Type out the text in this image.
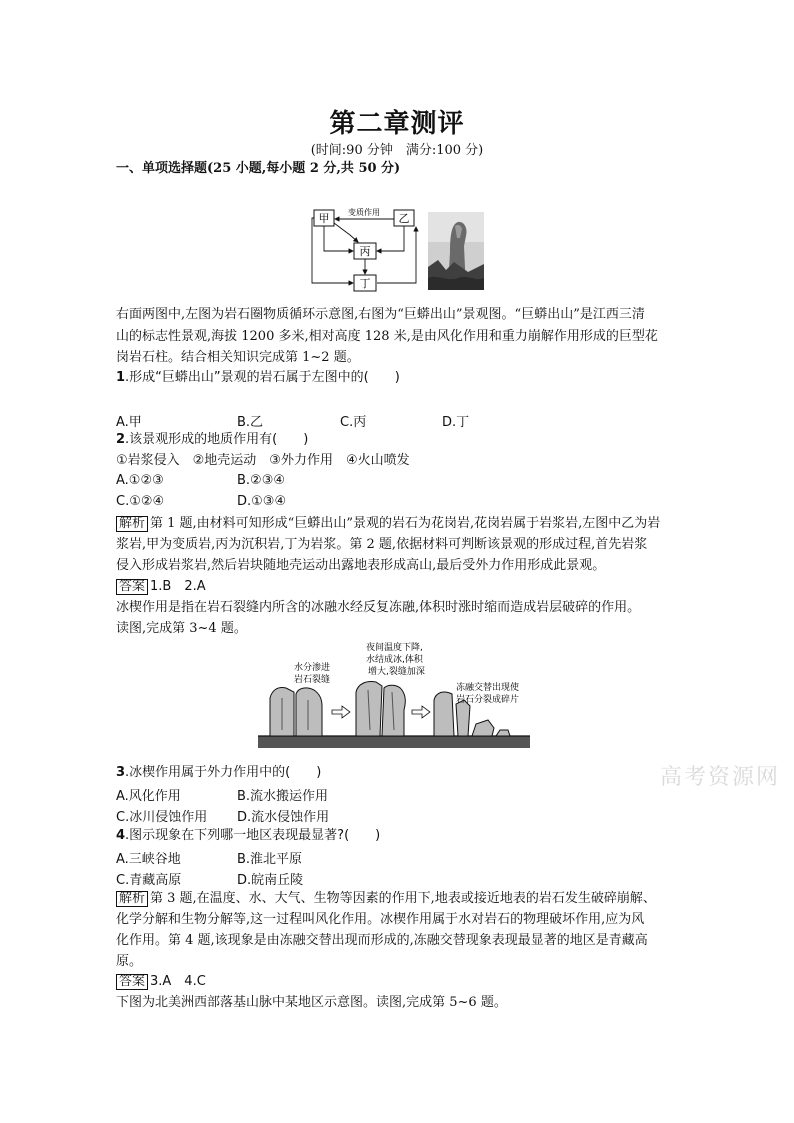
第二章测评
(时间:90 分钟　满分:100 分)
一、单项选择题(25 小题,每小题 2 分,共 50 分)
甲	乙
丙
丁
变质作用
右面两图中,左图为岩石圈物质循环示意图,右图为“巨蟒出山”景观图。“巨蟒出山”是江西三清
山的标志性景观,海拔 1200 多米,相对高度 128 米,是由风化作用和重力崩解作用形成的巨型花
岗岩石柱。结合相关知识完成第 1~2 题。
1.形成“巨蟒出山”景观的岩石属于左图中的(　　)
A.甲	B.乙	C.丙	D.丁
2.该景观形成的地质作用有(　　)
①岩浆侵入　②地壳运动　③外力作用　④火山喷发
A.①②③	B.②③④
C.①②④	D.①③④
解析 第 1 题,由材料可知形成“巨蟒出山”景观的岩石为花岗岩,花岗岩属于岩浆岩,左图中乙为岩
浆岩,甲为变质岩,丙为沉积岩,丁为岩浆。第 2 题,依据材料可判断该景观的形成过程,首先岩浆
侵入形成岩浆岩,然后岩块随地壳运动出露地表形成高山,最后受外力作用形成此景观。
答案 1.B　2.A
冰楔作用是指在岩石裂缝内所含的冰融水经反复冻融,体积时涨时缩而造成岩层破碎的作用。
读图,完成第 3~4 题。
水分渗进
岩石裂缝
夜间温度下降,
水结成冰,体积
增大,裂缝加深
冻融交替出现使
岩石分裂成碎片
3.冰楔作用属于外力作用中的(　　)
A.风化作用	B.流水搬运作用
C.冰川侵蚀作用 D.流水侵蚀作用
4.图示现象在下列哪一地区表现最显著?(　　)
A.三峡谷地	B.淮北平原
C.青藏高原	D.皖南丘陵
解析 第 3 题,在温度、水、大气、生物等因素的作用下,地表或接近地表的岩石发生破碎崩解、
化学分解和生物分解等,这一过程叫风化作用。冰楔作用属于水对岩石的物理破坏作用,应为风
化作用。第 4 题,该现象是由冻融交替出现而形成的,冻融交替现象表现最显著的地区是青藏高
原。
答案 3.A　4.C
下图为北美洲西部落基山脉中某地区示意图。读图,完成第 5~6 题。
高考资源网
